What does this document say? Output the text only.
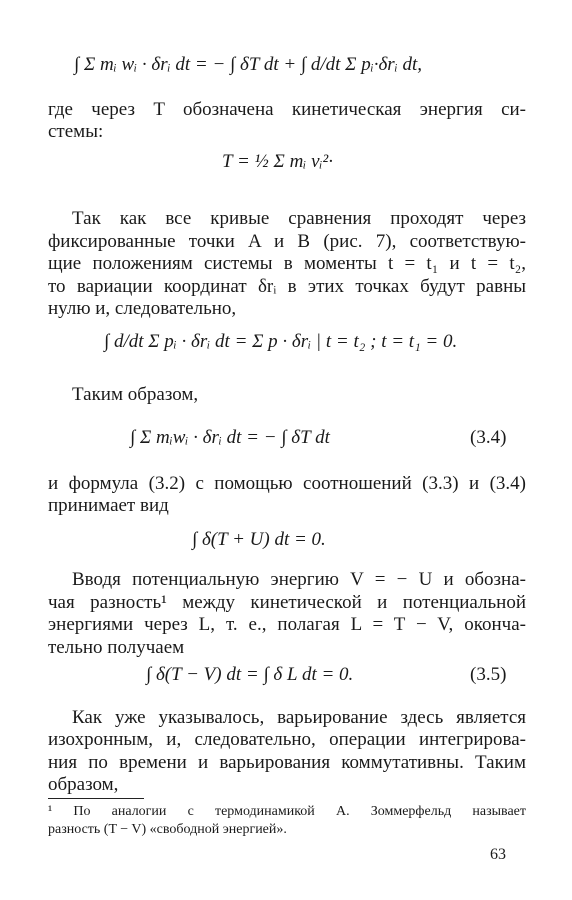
∫ Σ mᵢ wᵢ · δrᵢ dt = − ∫ δT dt + ∫ d/dt Σ pᵢ·δrᵢ dt,
где через T обозначена кинетическая энергия си-
стемы:
T = ½ Σ mᵢ vᵢ²·
Так как все кривые сравнения проходят через
фиксированные точки A и B (рис. 7), соответствую-
щие положениям системы в моменты t = t₁ и t = t₂,
то вариации координат δrᵢ в этих точках будут равны
нулю и, следовательно,
∫ d/dt Σ pᵢ · δrᵢ dt = Σ p · δrᵢ | t = t₂ ; t = t₁ = 0.
Таким образом,
∫ Σ mᵢwᵢ · δrᵢ dt = − ∫ δT dt	(3.4)
и формула (3.2) с помощью соотношений (3.3) и (3.4)
принимает вид
∫ δ(T + U) dt = 0.
Вводя потенциальную энергию V = − U и обозна-
чая разность¹ между кинетической и потенциальной
энергиями через L, т. е., полагая L = T − V, оконча-
тельно получаем
∫ δ(T − V) dt = ∫ δ L dt = 0.	(3.5)
Как уже указывалось, варьирование здесь является
изохронным, и, следовательно, операции интегрирова-
ния по времени и варьирования коммутативны. Таким
образом,
¹ По аналогии с термодинамикой А. Зоммерфельд называет
разность (T − V) «свободной энергией».
63
